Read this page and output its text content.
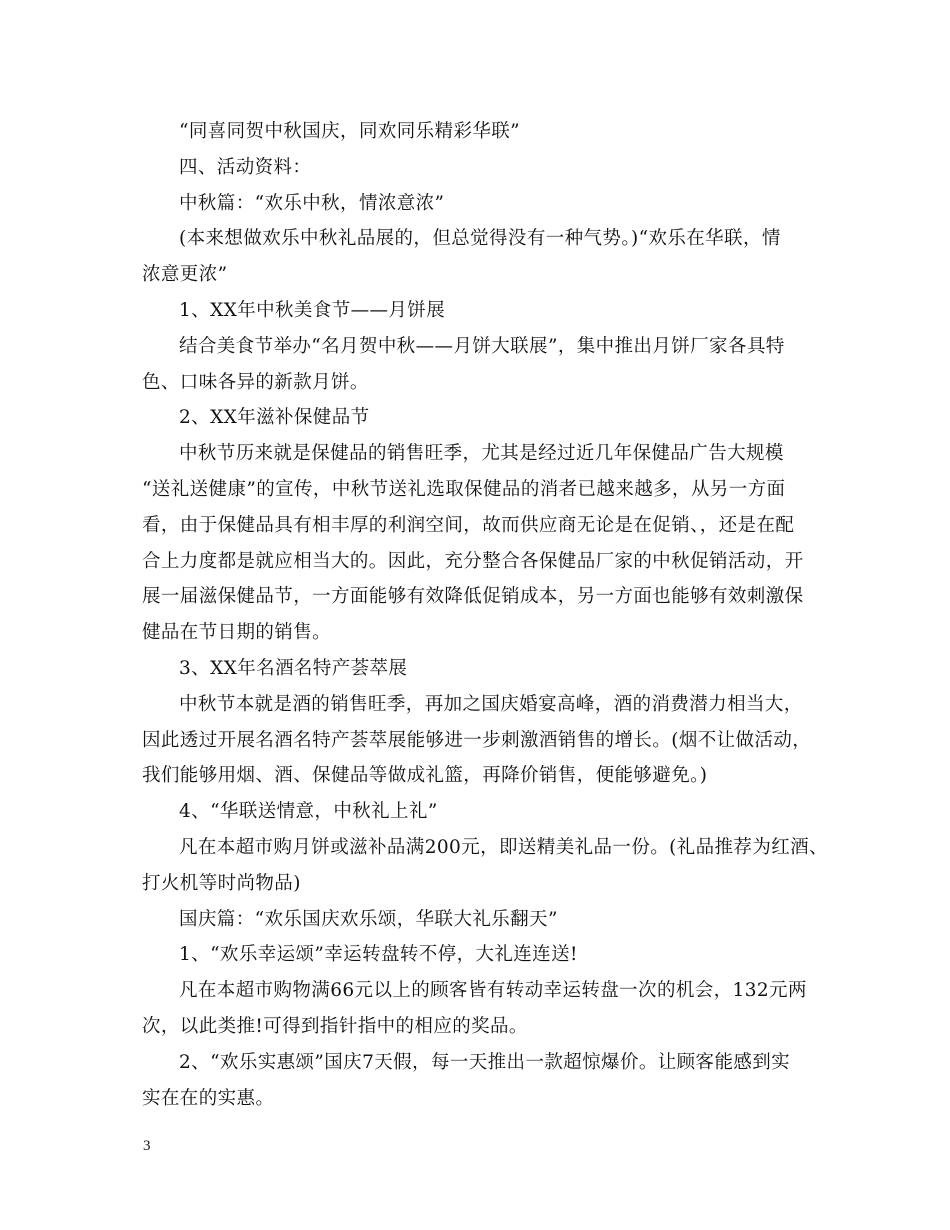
“同喜同贺中秋国庆，同欢同乐精彩华联”
四、活动资料：
中秋篇：“欢乐中秋，情浓意浓”
(本来想做欢乐中秋礼品展的，但总觉得没有一种气势。)“欢乐在华联，情
浓意更浓”
1、XX年中秋美食节——月饼展
结合美食节举办“名月贺中秋——月饼大联展”，集中推出月饼厂家各具特
色、口味各异的新款月饼。
2、XX年滋补保健品节
中秋节历来就是保健品的销售旺季，尤其是经过近几年保健品广告大规模
“送礼送健康”的宣传，中秋节送礼选取保健品的消者已越来越多，从另一方面
看，由于保健品具有相丰厚的利润空间，故而供应商无论是在促销、，还是在配
合上力度都是就应相当大的。因此，充分整合各保健品厂家的中秋促销活动，开
展一届滋保健品节，一方面能够有效降低促销成本，另一方面也能够有效刺激保
健品在节日期的销售。
3、XX年名酒名特产荟萃展
中秋节本就是酒的销售旺季，再加之国庆婚宴高峰，酒的消费潜力相当大，
因此透过开展名酒名特产荟萃展能够进一步刺激酒销售的增长。(烟不让做活动，
我们能够用烟、酒、保健品等做成礼篮，再降价销售，便能够避免。)
4、“华联送情意，中秋礼上礼”
凡在本超市购月饼或滋补品满200元，即送精美礼品一份。(礼品推荐为红酒、
打火机等时尚物品)
国庆篇：“欢乐国庆欢乐颂，华联大礼乐翻天”
1、“欢乐幸运颂”幸运转盘转不停，大礼连连送!
凡在本超市购物满66元以上的顾客皆有转动幸运转盘一次的机会，132元两
次，以此类推!可得到指针指中的相应的奖品。
2、“欢乐实惠颂”国庆7天假，每一天推出一款超惊爆价。让顾客能感到实
实在在的实惠。
3
